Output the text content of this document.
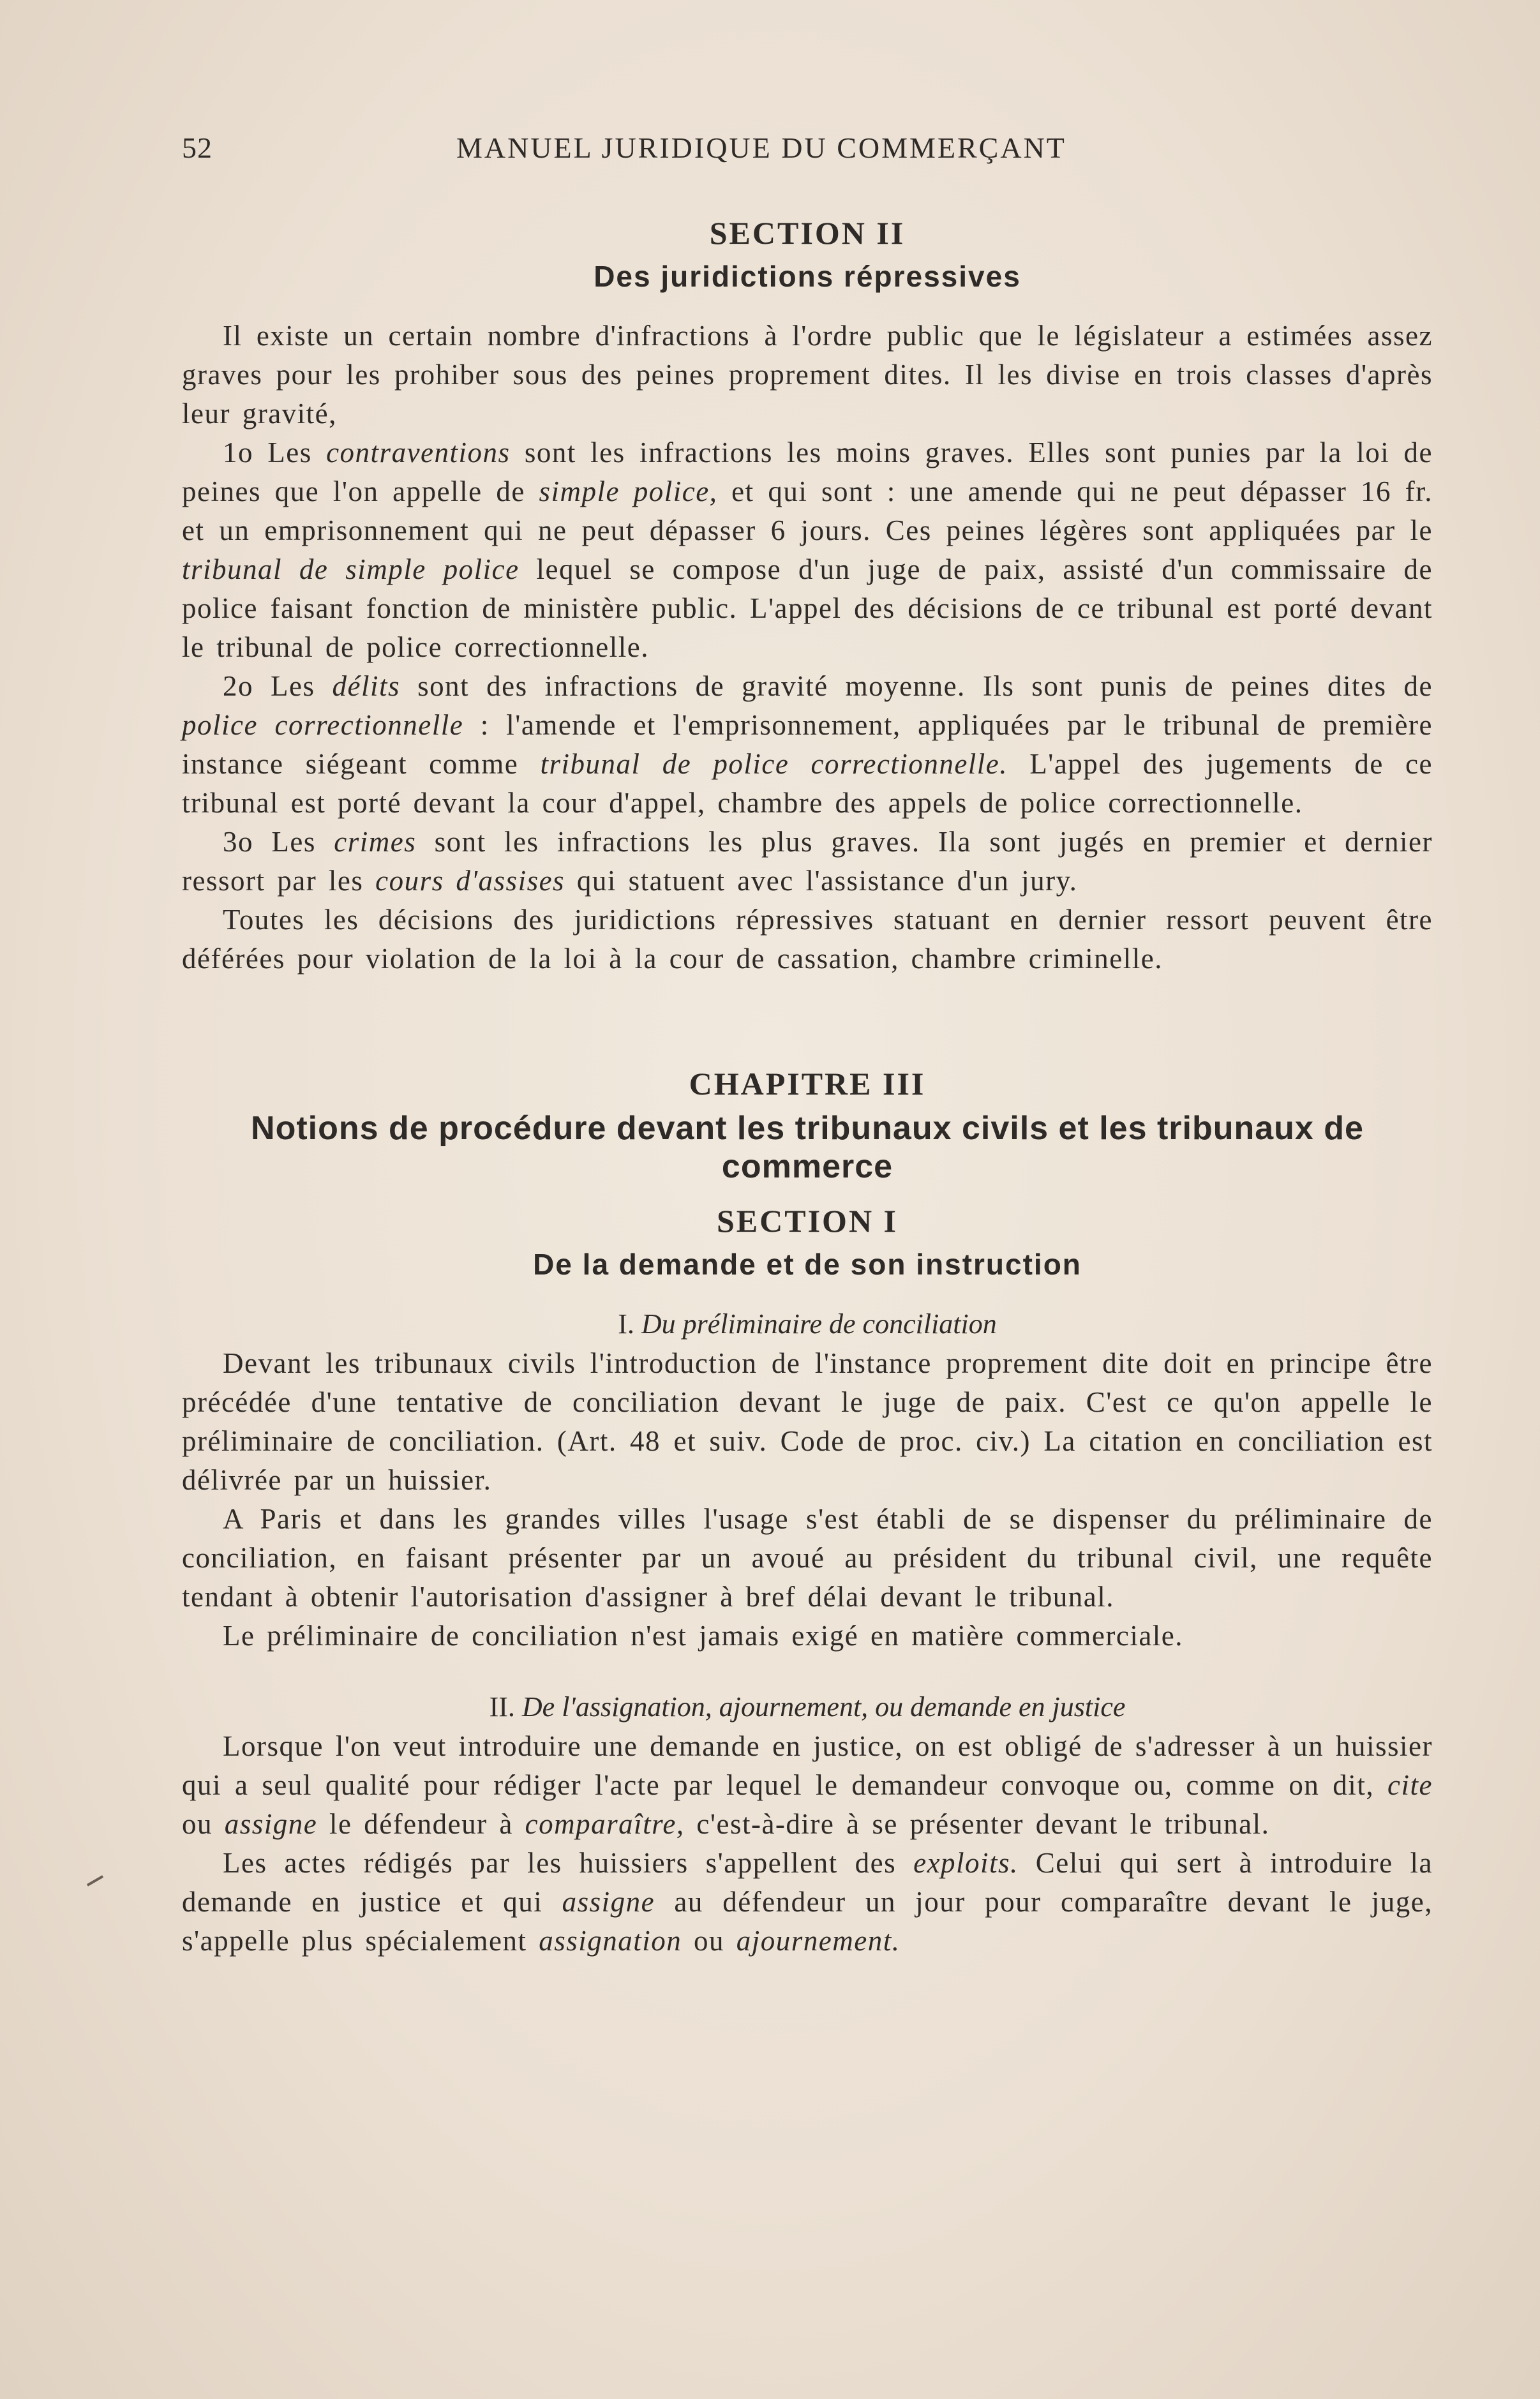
52	MANUEL JURIDIQUE DU COMMERÇANT
SECTION II
Des juridictions répressives

Il existe un certain nombre d'infractions à l'ordre public que le législateur a estimées assez graves pour les prohiber sous des peines proprement dites. Il les divise en trois classes d'après leur gravité,

1o Les contraventions sont les infractions les moins graves. Elles sont punies par la loi de peines que l'on appelle de simple police, et qui sont : une amende qui ne peut dépasser 16 fr. et un emprisonnement qui ne peut dépasser 6 jours. Ces peines légères sont appliquées par le tribunal de simple police lequel se compose d'un juge de paix, assisté d'un commissaire de police faisant fonction de ministère public. L'appel des décisions de ce tribunal est porté devant le tribunal de police correctionnelle.

2o Les délits sont des infractions de gravité moyenne. Ils sont punis de peines dites de police correctionnelle : l'amende et l'emprisonnement, appliquées par le tribunal de première instance siégeant comme tribunal de police correctionnelle. L'appel des jugements de ce tribunal est porté devant la cour d'appel, chambre des appels de police correctionnelle.

3o Les crimes sont les infractions les plus graves. Ila sont jugés en premier et dernier ressort par les cours d'assises qui statuent avec l'assistance d'un jury.

Toutes les décisions des juridictions répressives statuant en dernier ressort peuvent être déférées pour violation de la loi à la cour de cassation, chambre criminelle.

CHAPITRE III
Notions de procédure devant les tribunaux civils et les tribunaux de commerce
SECTION I
De la demande et de son instruction
I. Du préliminaire de conciliation

Devant les tribunaux civils l'introduction de l'instance proprement dite doit en principe être précédée d'une tentative de conciliation devant le juge de paix. C'est ce qu'on appelle le préliminaire de conciliation. (Art. 48 et suiv. Code de proc. civ.) La citation en conciliation est délivrée par un huissier.

A Paris et dans les grandes villes l'usage s'est établi de se dispenser du préliminaire de conciliation, en faisant présenter par un avoué au président du tribunal civil, une requête tendant à obtenir l'autorisation d'assigner à bref délai devant le tribunal.

Le préliminaire de conciliation n'est jamais exigé en matière commerciale.

II. De l'assignation, ajournement, ou demande en justice

Lorsque l'on veut introduire une demande en justice, on est obligé de s'adresser à un huissier qui a seul qualité pour rédiger l'acte par lequel le demandeur convoque ou, comme on dit, cite ou assigne le défendeur à comparaître, c'est-à-dire à se présenter devant le tribunal.

Les actes rédigés par les huissiers s'appellent des exploits. Celui qui sert à introduire la demande en justice et qui assigne au défendeur un jour pour comparaître devant le juge, s'appelle plus spécialement assignation ou ajournement.
